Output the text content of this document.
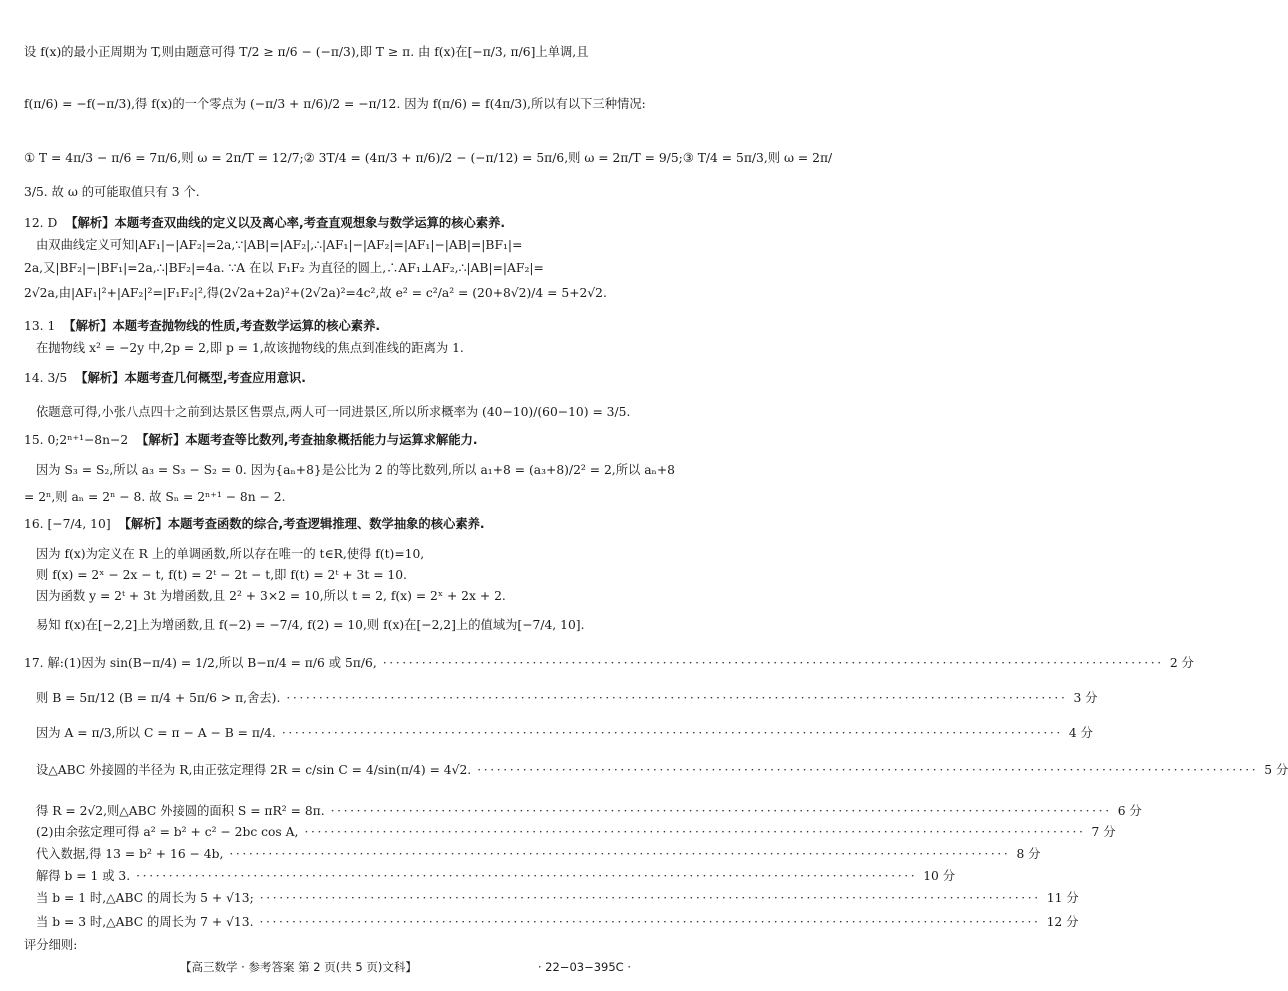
设 f(x)的最小正周期为 T,则由题意可得 T/2 ≥ π/6 − (−π/3),即 T ≥ π. 由 f(x)在[−π/3, π/6]上单调,且
f(π/6) = −f(−π/3),得 f(x)的一个零点为 (−π/3 + π/6)/2 = −π/12. 因为 f(π/6) = f(4π/3),所以有以下三种情况:
① T = 4π/3 − π/6 = 7π/6,则 ω = 2π/T = 12/7;② 3T/4 = (4π/3 + π/6)/2 − (−π/12) = 5π/6,则 ω = 2π/T = 9/5;③ T/4 = 5π/3,则 ω = 2π/
3/5. 故 ω 的可能取值只有 3 个.
12. D 【解析】本题考查双曲线的定义以及离心率,考查直观想象与数学运算的核心素养.
由双曲线定义可知|AF₁|−|AF₂|=2a,∵|AB|=|AF₂|,∴|AF₁|−|AF₂|=|AF₁|−|AB|=|BF₁|=
2a,又|BF₂|−|BF₁|=2a,∴|BF₂|=4a. ∵A 在以 F₁F₂ 为直径的圆上,∴AF₁⊥AF₂,∴|AB|=|AF₂|=
2√2a,由|AF₁|²+|AF₂|²=|F₁F₂|²,得(2√2a+2a)²+(2√2a)²=4c²,故 e² = c²/a² = (20+8√2)/4 = 5+2√2.
13. 1 【解析】本题考查抛物线的性质,考查数学运算的核心素养.
在抛物线 x² = −2y 中,2p = 2,即 p = 1,故该抛物线的焦点到准线的距离为 1.
14. 3/5 【解析】本题考查几何概型,考查应用意识.
依题意可得,小张八点四十之前到达景区售票点,两人可一同进景区,所以所求概率为 (40−10)/(60−10) = 3/5.
15. 0;2ⁿ⁺¹−8n−2 【解析】本题考查等比数列,考查抽象概括能力与运算求解能力.
因为 S₃ = S₂,所以 a₃ = S₃ − S₂ = 0. 因为{aₙ+8}是公比为 2 的等比数列,所以 a₁+8 = (a₃+8)/2² = 2,所以 aₙ+8
= 2ⁿ,则 aₙ = 2ⁿ − 8. 故 Sₙ = 2ⁿ⁺¹ − 8n − 2.
16. [−7/4, 10] 【解析】本题考查函数的综合,考查逻辑推理、数学抽象的核心素养.
因为 f(x)为定义在 R 上的单调函数,所以存在唯一的 t∈R,使得 f(t)=10,
则 f(x) = 2ˣ − 2x − t, f(t) = 2ᵗ − 2t − t,即 f(t) = 2ᵗ + 3t = 10.
因为函数 y = 2ᵗ + 3t 为增函数,且 2² + 3×2 = 10,所以 t = 2, f(x) = 2ˣ + 2x + 2.
易知 f(x)在[−2,2]上为增函数,且 f(−2) = −7/4, f(2) = 10,则 f(x)在[−2,2]上的值域为[−7/4, 10].
17. 解:(1)因为 sin(B−π/4) = 1/2,所以 B−π/4 = π/6 或 5π/6, ························································································································ 2 分
则 B = 5π/12 (B = π/4 + 5π/6 > π,舍去). ························································································································ 3 分
因为 A = π/3,所以 C = π − A − B = π/4. ························································································································ 4 分
设△ABC 外接圆的半径为 R,由正弦定理得 2R = c/sin C = 4/sin(π/4) = 4√2. ························································································································ 5 分
得 R = 2√2,则△ABC 外接圆的面积 S = πR² = 8π. ························································································································ 6 分
(2)由余弦定理可得 a² = b² + c² − 2bc cos A, ························································································································ 7 分
代入数据,得 13 = b² + 16 − 4b, ························································································································ 8 分
解得 b = 1 或 3. ························································································································ 10 分
当 b = 1 时,△ABC 的周长为 5 + √13; ························································································································ 11 分
当 b = 3 时,△ABC 的周长为 7 + √13. ························································································································ 12 分
评分细则:
【高三数学 · 参考答案 第 2 页(共 5 页)文科】	· 22−03−395C ·
